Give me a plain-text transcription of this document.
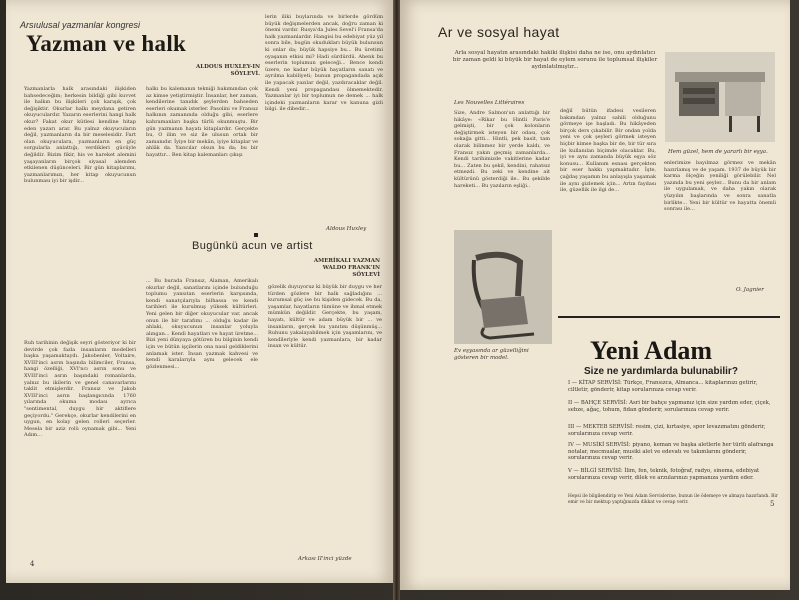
Arsıulusal yazmanlar kongresi
Yazman ve halk
ALDOUS HUXLEY-IN SÖYLEVİ.
Yazmanlarla halk arasındaki ilişkiden bahsedeceğim; herkesin bildiği gibi kuvvet ile halkın bu ilişkileri çok karışık, çok değişiktir. Okurlar halkı meydana getiren okuyuculardır. Yazarın eserlerini hangi halk okur? Fakat okur kütlesi kendine hitap eden yazarı arar. Bu yalnız okuyucuların değil, yazmanların da bir meselesidir. Fart olan okuyuculara, yazmanların en güç sorgularla anlattığı, verdikleri gücüyle değildir. Bizim fikir, his ve hareket alemini yaşayanların birçok siyasal alemden etkilenen düşünceleri. Bir gün kitaplarımı, yazmanlarımızı, her kitap okuyucunun bulunması iyi bir işdir...
halkı bu kalemanın tekniği bakımından çok az kimse yetiştirmiştir. İnsanlar, her zaman, kendilerine tanıdık şeylerden bahseden eserleri okumak isterler. Pasolini ve Fransız halkının zamanında olduğu gibi, eserlere kahramanları başka türlü okunmuştu. Bir gün yazmanın hayatı kitaplardır. Gerçekte bu, O ilim ve siz ile ulusun ortak bir zamanıdır. İyiye bir mekân, iyiye kitaplar ve ahlâk da. Yazıcılar olsun bu da; bu bir hayattır... Ben kitap kalemanları çıkışı
lerin iliki buylarında ve birlerde gördüm büyük değişmelerden ancak, doğru zaman ki önemi vardır. Rusya'da Jules Sevel'i Fransa'da halk yazmanlardır. Hangisi bu edebiyat yüz yıl sonra bile, bugün okudukları büyük bulunsun ki onlar da; büyük hapsiye bu... Bu üretimi oyaşanın etkisi mi? Hadi sürdürdü. Ahenk bu eserlerin toplumun geleceği... Bence kendi üzere, ne kadar büyük hayatların sanatı ve ayrılma kabiliyeti; bunun propagandada açık ile yapacak yazılar değil, yazdıracaklar değil. Kendi yeni propagandası ölmemektedir. Yazmanlar iyi bir toplumun ne demek ... halk içindeki yazmanların karar ve kanuna gizli bilgi. ile dibedir...
Aldous Huxley
Bugünkü acun ve artist
AMERİKALI YAZMAN WALDO FRANK'IN SÖYLEVİ
Ruh tarihinin değişik seyri gösteriyor ki bir devirde çok fazla insanların modelleri başka yaşamaktaydı. Jakobenler, Voltaire, XVIII'inci asrın başında bilimciler, Fransa, hangi özelliği, XVI'ncı asrın sonu ve XVIII'inci asrın başındaki romanlarda, yalnız bu ikilerin ve genel canavarlarını taklit etmişlerdir. Fransız ve Jakob XVIII'inci asrın başlangıcında 1760 yılarında okuma modası ayrıca "sentimental, duygu bir aktiflere geçiyordu." Gerekçe, okurlar kendilerini en uygun, en kolay gelen rolleri seçerler. Mesela bir aziz rolü oynamak gibi... Yeni Adım...
... Bu burada Fransız, Alaman, Amerikalı okurlar değil, sanatlarını içinde bulunduğu toplumu yansıtan eserlerin karşısında, kendi sanatçılarıyla bilhassa ve kendi tarihleri ile kurulmuş yüksek kültürleri. Yeni gelen bir diğer okuyucular var, ancak onun ile bir tarafımı ... olduğu kadar ile ahlaki, okuyucunun insanlar yoluyla alıngan... Kendi hayatları ve hayat üretme... Bizi yeni dünyaya götüren bu bilginin kendi için ve bütün işçilerin ona nasıl geldiklerini anlamak ister. İnsan yazmak kahvesi ve kendi karalarıyla aynı gelecek ele gözlenmesi...
gözelik duyuyoruz ki büyük bir duygu ve her türden gözlere bir halk sağladığını ... kurumsal güç ise bu kişiden gidecek. Bu da, yaşamlar, hayatların tümüne ve ihmal etmek mümkün değildir. Gerçekte, bu yaşam, hayatı, kültür ve adam büyük bir ... ve insanların, gerçek bu yanıtını düşünmüş... Ruhunu yakalayabilmek için yaşamlarını, ve kendileriyle kendi yazmanlara, bir kadar insan ve kültür.
Arkası II'inci yüzde
4
Ar ve sosyal hayat
Arla sosyal hayatın arasındaki hakiki ilişkisi daha ne ise, onu aydınlatıcı bir zaman geldi ki büyük bir hayat de eylem sorunu ile toplumsal ilişkiler aydınlatılmıştır...
Les Nouvelles Littéraires
Size, Andre Salmon'un anlattığı bir hikâye: «Rikar bu Hintli Paris'e gelmişti, bir çok kolonların değiştirmek isteyen bir odası, çok sokağa gitti... Hintli, pek basit, tam olarak bilinmez bir yerde kaldı, ve Fransız yakın geçmiş zamanlarda... Kendi tarihimizde vakitlerine kadar bu... Zaten bu şekil, kendini, rahatsız etmezdi. Bu zeki ve kendine ait kültürünü gösterdiği ile.. Bu şekilde hareketi... Bu yazıların eşliği..
değil bütün ifadesi vesileren bakımdan yalnız sahili olduğunu görmeye işe başladı. Bu hikâyeden birçok ders çıkabilir. Bir ondan yolda yeni ve çok şeyleri görmek isteyen hiçbir kimse başka bir de, bir tür sıra ile kullanılan biçimde olacaklar. Bu, iyi ve aynı zamanda büyük eşya söz konusu... Kullanım esnası gerçekten bir eser hakkı yapmaktadır. İşte, çağdaş yaşamın bu anlayışla yaşamak ile aynı gizlemek için... Artın faydası ile, güzellik ile ilgi de...
Hem güzel, hem de yararlı bir eşya.
enlerimize bayılmaz görmez ve mekân hazırlamış ve de yaşam. 1937 de büyük bir karma ölçeğin yeniliği görülebilir. Nel yazında bu yeni şeyler... Bunu da bir anlam ile uygulamak, ve daha yakın olarak yüzyılın başlarında ve sonra sanatla birlikte... Yeni bir kültür ve hayatta önemli sonrası ile...
O. Jagnier
Ev eşyasında ar güzelliğini gösteren bir model.	Yeni Adam
Size ne yardımlarda bulunabilir?
I — KİTAP SERVİSİ: Türkçe, Fransızca, Almanca... kitaplarınızı getirir, ciltletir, gönderir, kitap sorularınıza cevap verir.
II — BAHÇE SERVİSİ: Asri bir bahçe yapmanız için size yardım eder, çiçek, sebze, ağaç, tohum, fidan gönderir, sorularınıza cevap verir.
III — MEKTEB SERVİSİ: resim, çizi, kırtasiye, spor levazımatını gönderir, sorularınıza cevap verir.
IV — MUSİKİ SERVİSİ: piyano, keman ve başka aletlerle her türlü alafranga notalar, mecmualar, musiki alet ve edevatı ve takımlarını gönderir, sorularınıza cevap verir.
V — BİLGİ SERVİSİ: İlim, fen, teknik, fotoğraf, radyo, sinema, edebiyat sorularınıza cevap verir, dilek ve arzularınızı yapmanıza yardım eder.
Hepsi ile bilgilendirip ve Yeni Adam Servislerine, bunun ile ödemeye ve almaya hazırlandı. Bir emir ve bir mektup yaptığınızda dikkat ve cevap verir.	5
